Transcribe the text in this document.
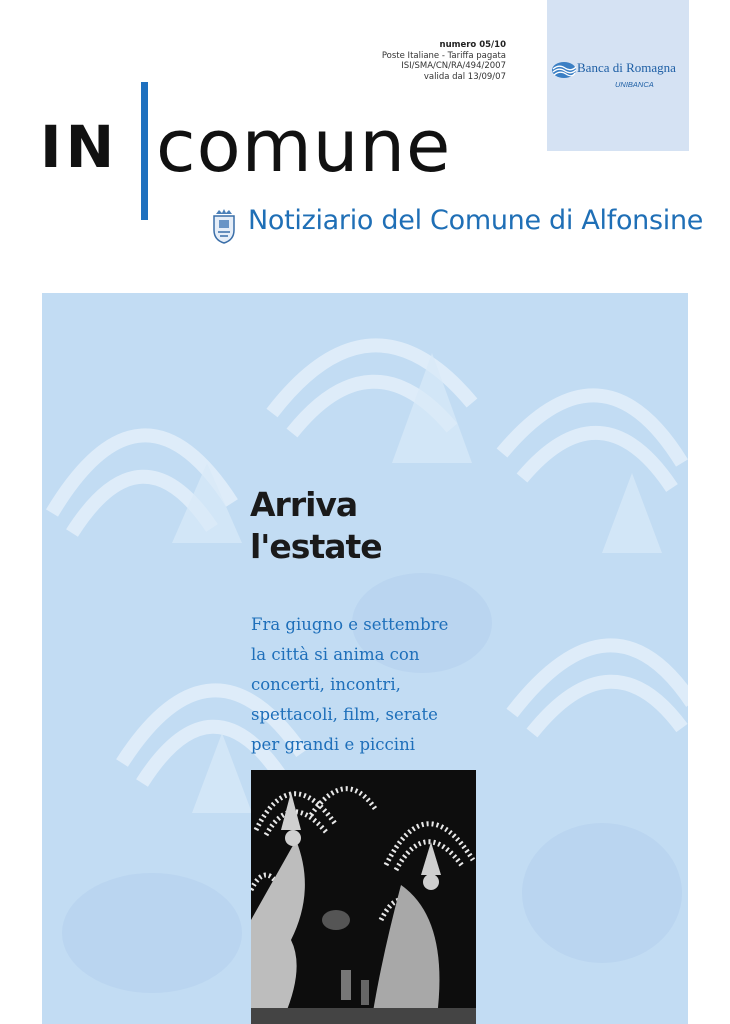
numero 05/10
Poste Italiane - Tariffa pagata
ISI/SMA/CN/RA/494/2007
valida dal 13/09/07
Banca di Romagna
UNIBANCA
IN comune
Notiziario del Comune di Alfonsine
Arriva
l'estate
Fra giugno e settembre
la città si anima con
concerti, incontri,
spettacoli, film, serate
per grandi e piccini
